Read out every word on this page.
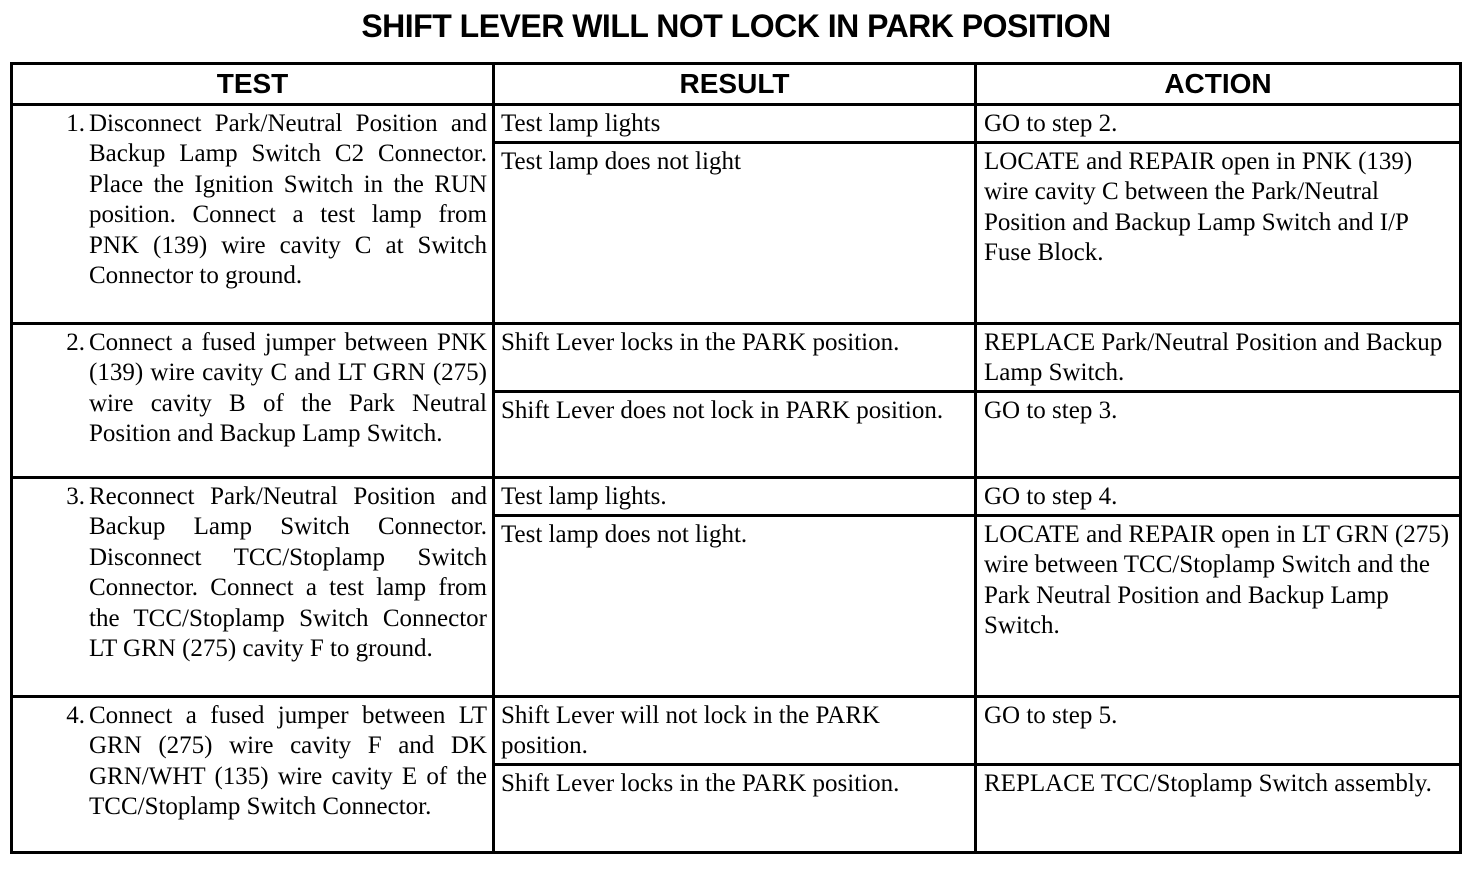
SHIFT LEVER WILL NOT LOCK IN PARK POSITION
TEST	RESULT	ACTION

1. Disconnect Park/Neutral Position and Backup Lamp Switch C2 Connector. Place the Ignition Switch in the RUN position. Connect a test lamp from PNK (139) wire cavity C at Switch Connector to ground.	Test lamp lights	GO to step 2.
	Test lamp does not light	LOCATE and REPAIR open in PNK (139) wire cavity C between the Park/Neutral Position and Backup Lamp Switch and I/P Fuse Block.

2. Connect a fused jumper between PNK (139) wire cavity C and LT GRN (275) wire cavity B of the Park Neutral Position and Backup Lamp Switch.	Shift Lever locks in the PARK position.	REPLACE Park/Neutral Position and Backup Lamp Switch.
	Shift Lever does not lock in PARK position.	GO to step 3.

3. Reconnect Park/Neutral Position and Backup Lamp Switch Connector. Disconnect TCC/Stoplamp Switch Connector. Connect a test lamp from the TCC/Stoplamp Switch Connector LT GRN (275) cavity F to ground.	Test lamp lights.	GO to step 4.
	Test lamp does not light.	LOCATE and REPAIR open in LT GRN (275) wire between TCC/Stoplamp Switch and the Park Neutral Position and Backup Lamp Switch.

4. Connect a fused jumper between LT GRN (275) wire cavity F and DK GRN/WHT (135) wire cavity E of the TCC/Stoplamp Switch Connector.	Shift Lever will not lock in the PARK position.	GO to step 5.
	Shift Lever locks in the PARK position.	REPLACE TCC/Stoplamp Switch assembly.
